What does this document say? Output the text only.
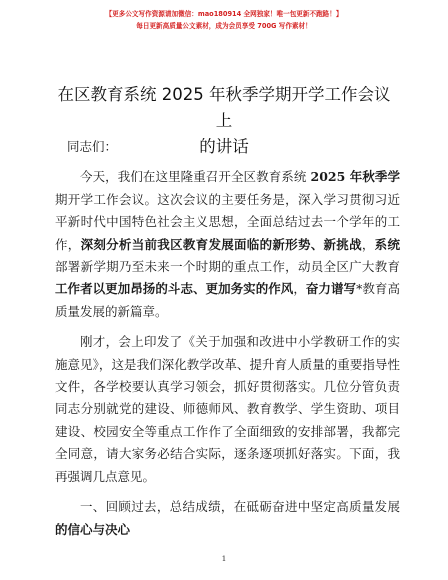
【更多公文写作资源请加微信：mao180914 全网独家！唯一包更新不跑路！】
每日更新高质量公文素材，成为会员享受 700G 写作素材！
在区教育系统 2025 年秋季学期开学工作会议上
的讲话

同志们：

今天，我们在这里隆重召开全区教育系统 2025 年秋季学期开学工作会议。这次会议的主要任务是，深入学习贯彻习近平新时代中国特色社会主义思想，全面总结过去一个学年的工作，深刻分析当前我区教育发展面临的新形势、新挑战，系统部署新学期乃至未来一个时期的重点工作，动员全区广大教育工作者以更加昂扬的斗志、更加务实的作风，奋力谱写*教育高质量发展的新篇章。

刚才，会上印发了《关于加强和改进中小学教研工作的实施意见》，这是我们深化教学改革、提升育人质量的重要指导性文件，各学校要认真学习领会，抓好贯彻落实。几位分管负责同志分别就党的建设、师德师风、教育教学、学生资助、项目建设、校园安全等重点工作作了全面细致的安排部署，我都完全同意，请大家务必结合实际，逐条逐项抓好落实。下面，我再强调几点意见。

一、回顾过去，总结成绩，在砥砺奋进中坚定高质量发展的信心与决心

1
